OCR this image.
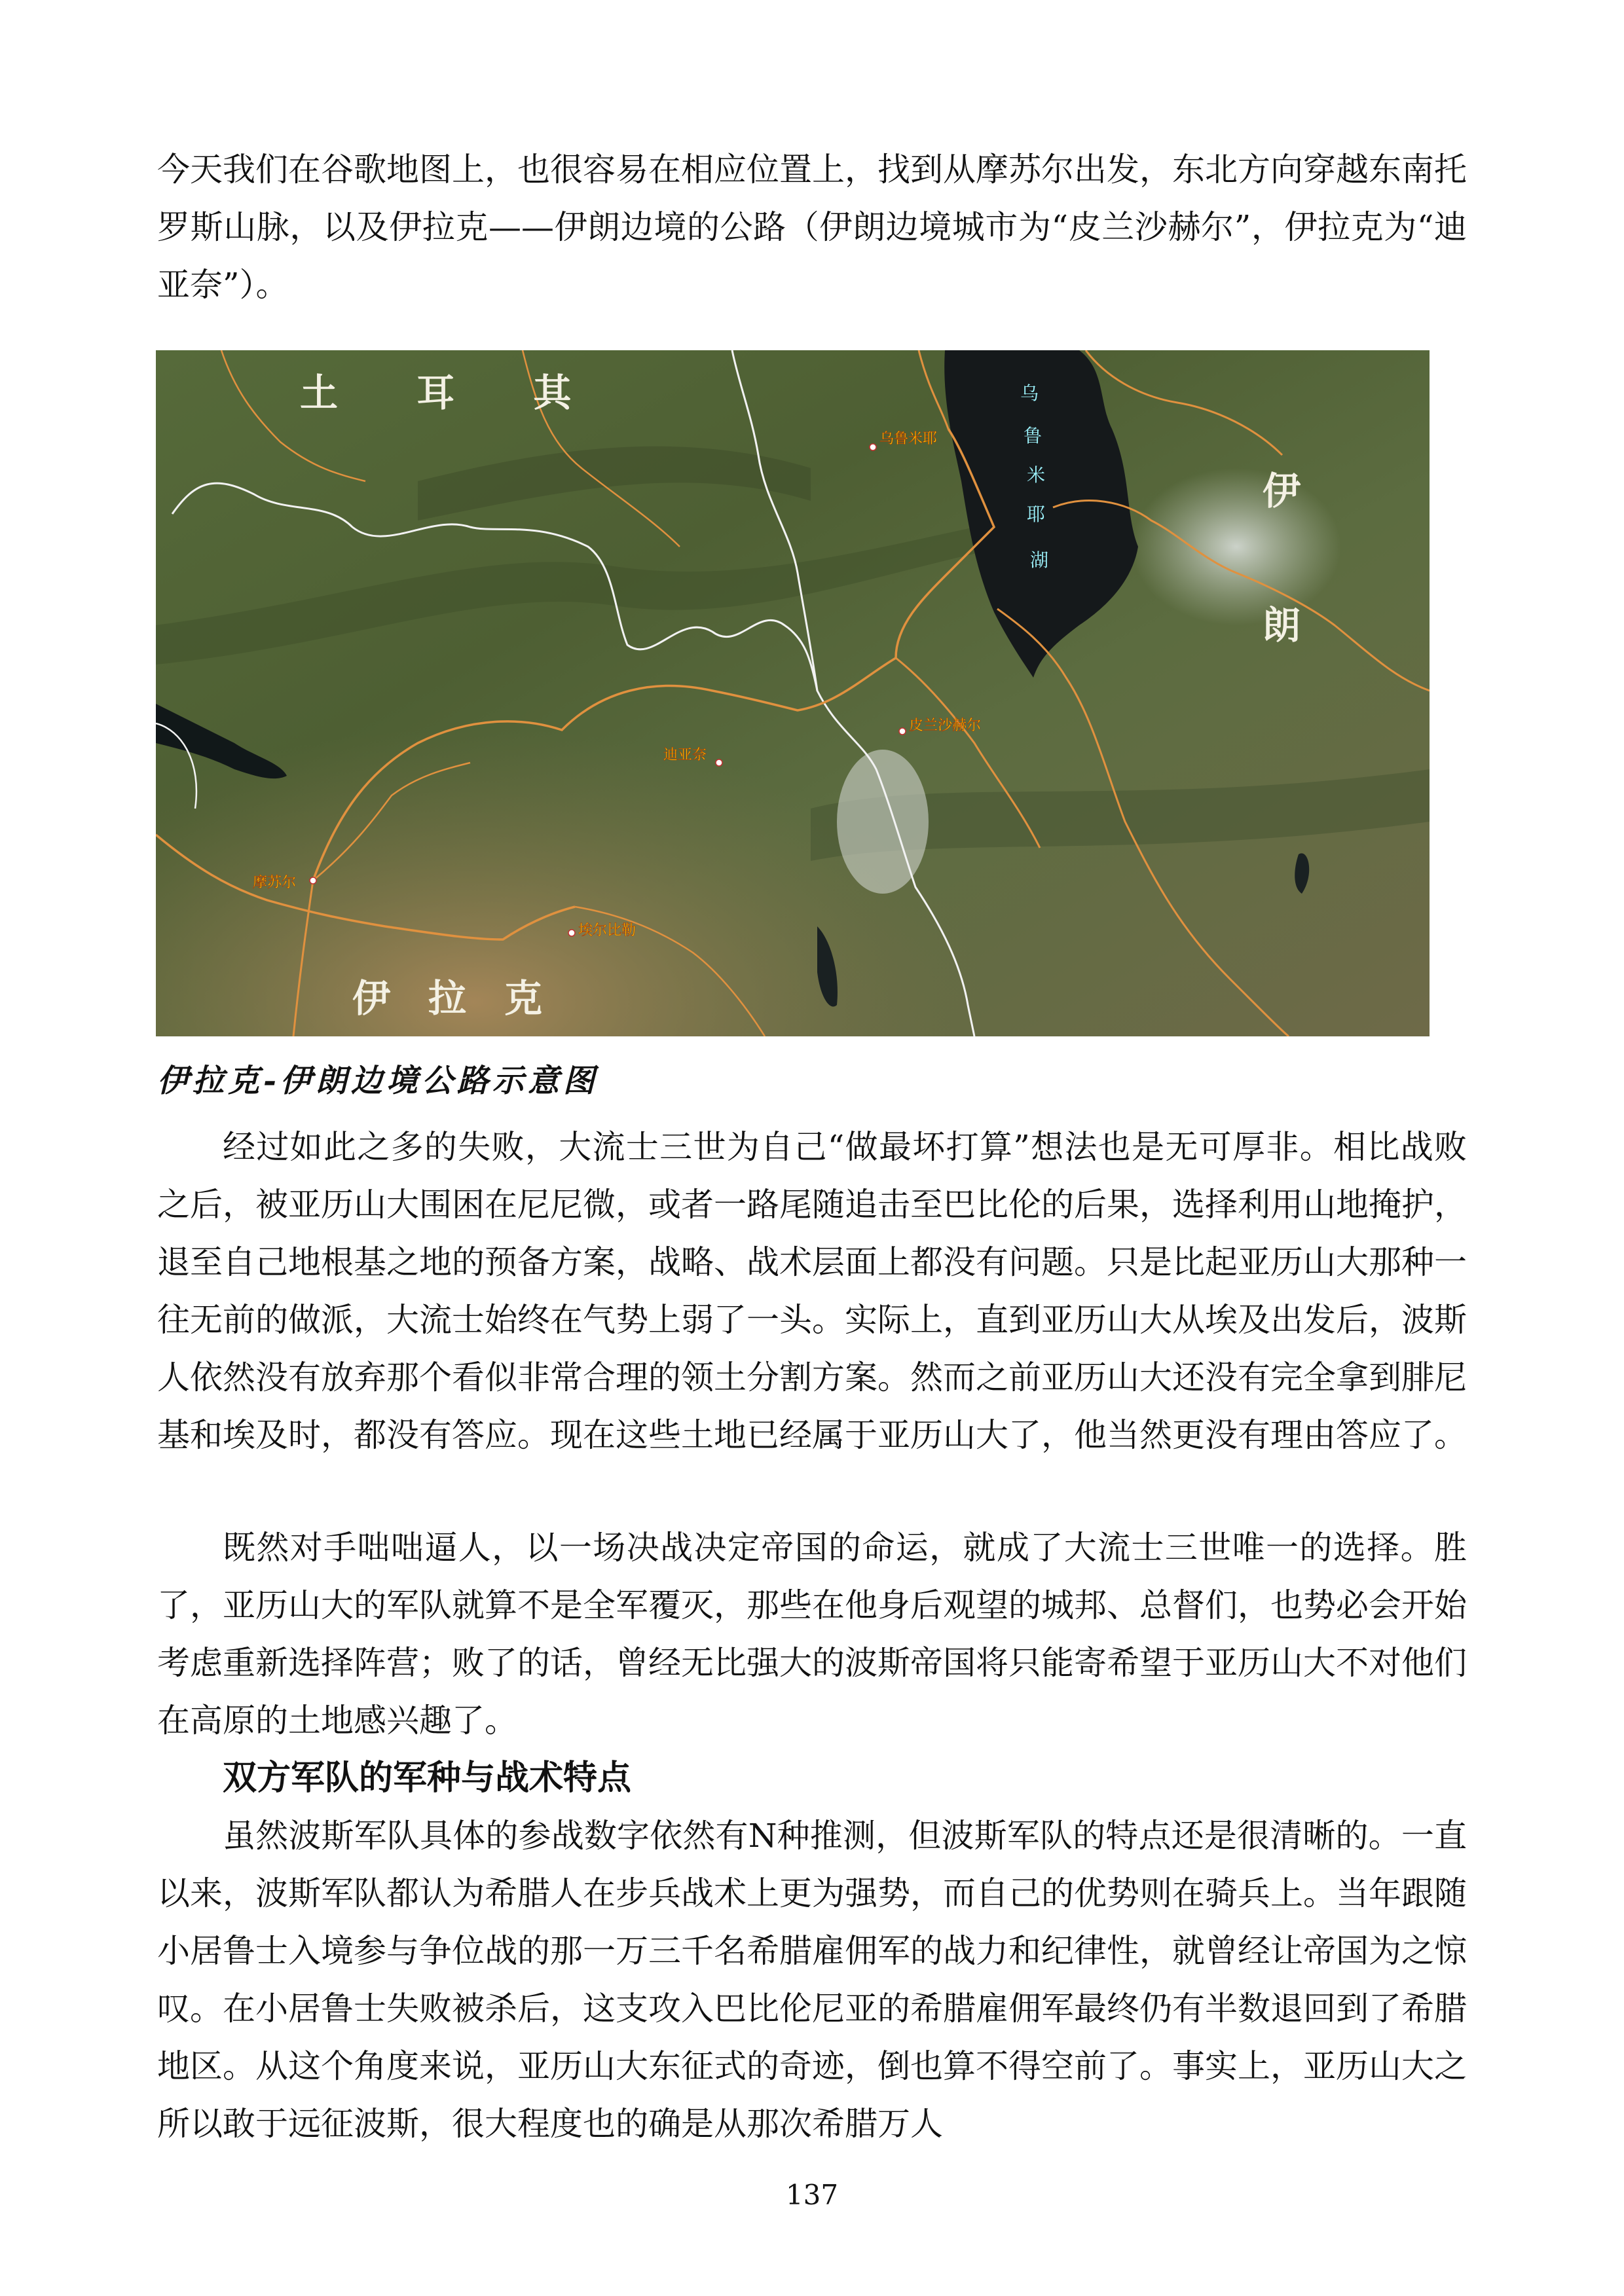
今天我们在谷歌地图上，也很容易在相应位置上，找到从摩苏尔出发，东北方向穿越东南托罗斯山脉，以及伊拉克——伊朗边境的公路（伊朗边境城市为“皮兰沙赫尔”，伊拉克为“迪亚奈”）。

土 耳 其
伊
朗
伊　拉　克
乌
鲁
米
耶
湖
乌鲁米耶
皮兰沙赫尔
迪亚奈
摩苏尔
埃尔比勒

伊拉克-伊朗边境公路示意图

经过如此之多的失败，大流士三世为自己“做最坏打算”想法也是无可厚非。相比战败之后，被亚历山大围困在尼尼微，或者一路尾随追击至巴比伦的后果，选择利用山地掩护，退至自己地根基之地的预备方案，战略、战术层面上都没有问题。只是比起亚历山大那种一往无前的做派，大流士始终在气势上弱了一头。实际上，直到亚历山大从埃及出发后，波斯人依然没有放弃那个看似非常合理的领土分割方案。然而之前亚历山大还没有完全拿到腓尼基和埃及时，都没有答应。现在这些土地已经属于亚历山大了，他当然更没有理由答应了。

既然对手咄咄逼人，以一场决战决定帝国的命运，就成了大流士三世唯一的选择。胜了，亚历山大的军队就算不是全军覆灭，那些在他身后观望的城邦、总督们，也势必会开始考虑重新选择阵营；败了的话，曾经无比强大的波斯帝国将只能寄希望于亚历山大不对他们在高原的土地感兴趣了。

双方军队的军种与战术特点

虽然波斯军队具体的参战数字依然有N种推测，但波斯军队的特点还是很清晰的。一直以来，波斯军队都认为希腊人在步兵战术上更为强势，而自己的优势则在骑兵上。当年跟随小居鲁士入境参与争位战的那一万三千名希腊雇佣军的战力和纪律性，就曾经让帝国为之惊叹。在小居鲁士失败被杀后，这支攻入巴比伦尼亚的希腊雇佣军最终仍有半数退回到了希腊地区。从这个角度来说，亚历山大东征式的奇迹，倒也算不得空前了。事实上，亚历山大之所以敢于远征波斯，很大程度也的确是从那次希腊万人

137
